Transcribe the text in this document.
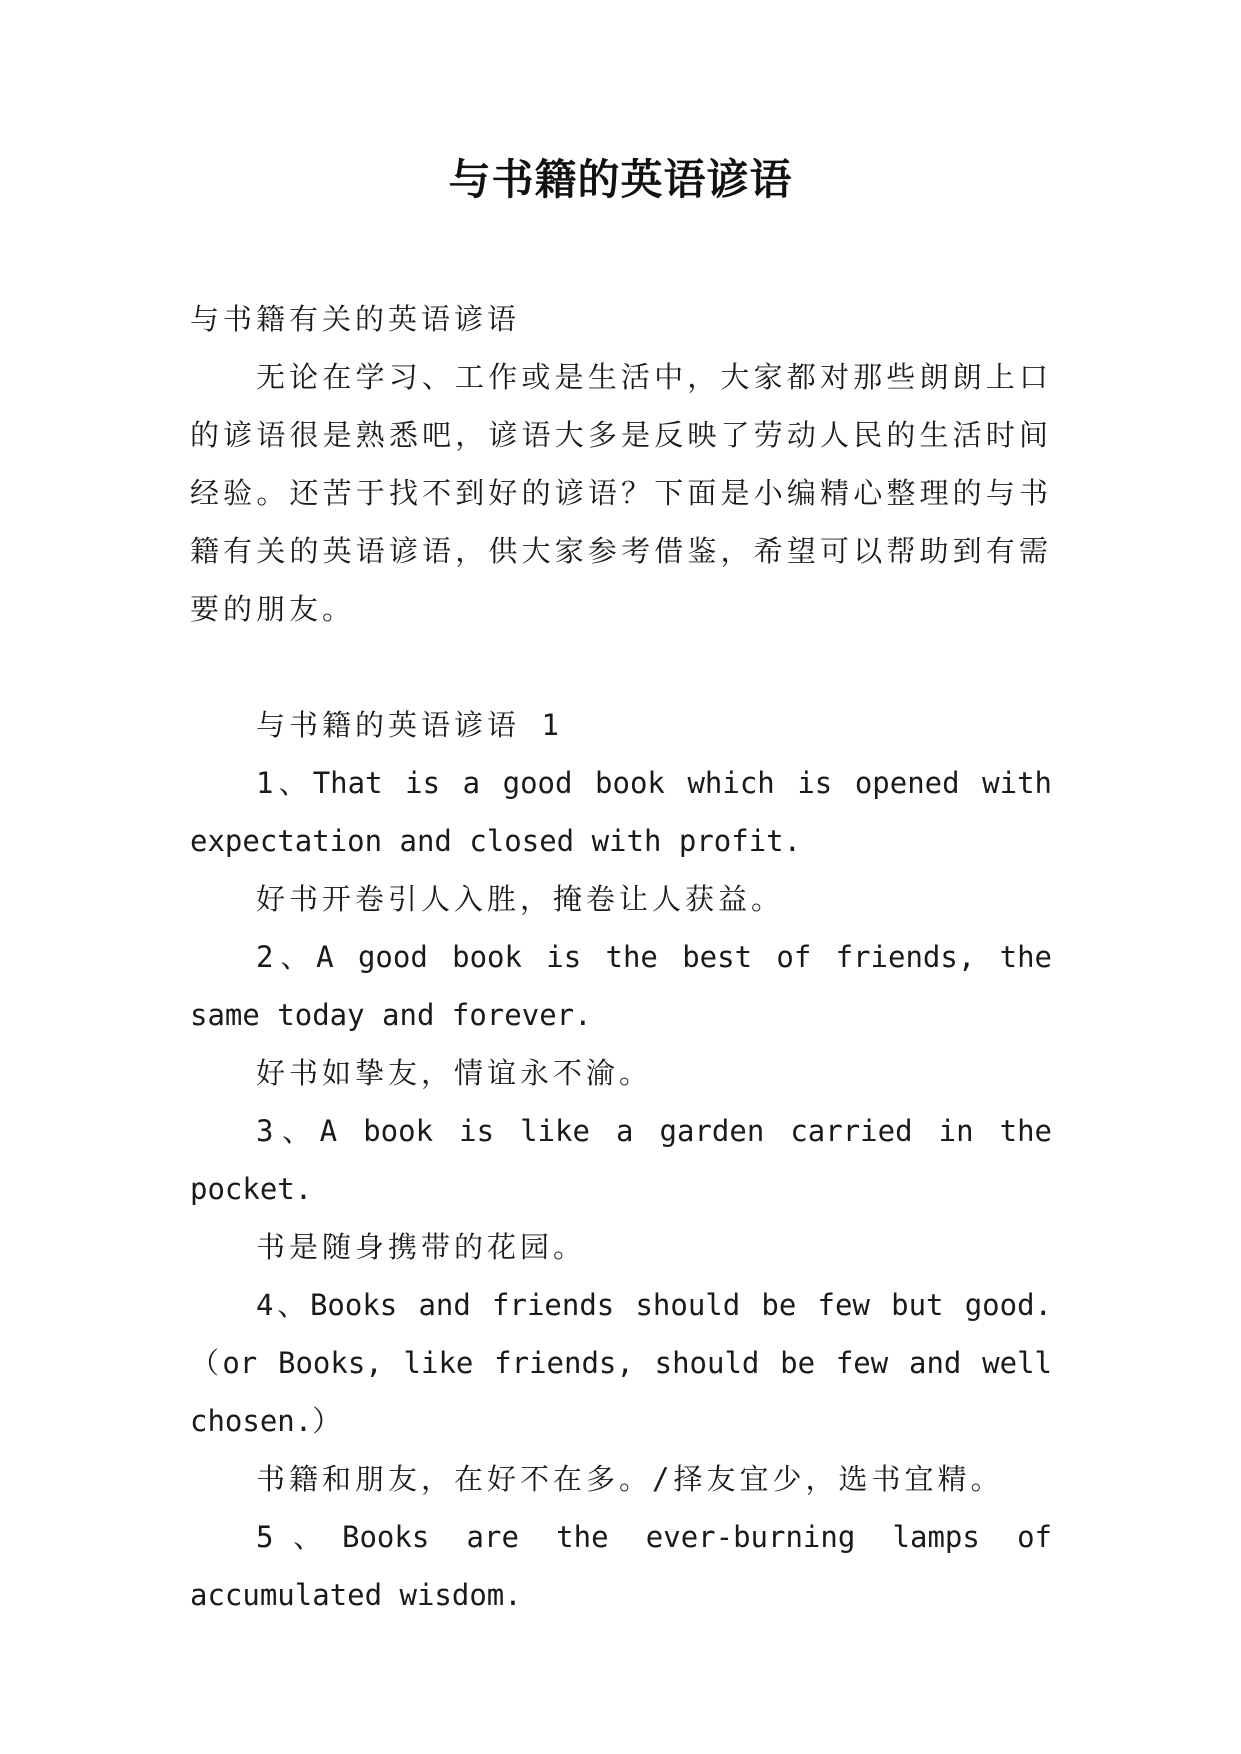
与书籍的英语谚语

与书籍有关的英语谚语

无论在学习、工作或是生活中，大家都对那些朗朗上口的谚语很是熟悉吧，谚语大多是反映了劳动人民的生活时间经验。还苦于找不到好的谚语？下面是小编精心整理的与书籍有关的英语谚语，供大家参考借鉴，希望可以帮助到有需要的朋友。

与书籍的英语谚语 1

1、That is a good book which is opened with expectation and closed with profit.

好书开卷引人入胜，掩卷让人获益。

2、A good book is the best of friends, the same today and forever.

好书如挚友，情谊永不渝。

3、A book is like a garden carried in the pocket.

书是随身携带的花园。

4、Books and friends should be few but good.（or Books, like friends, should be few and well chosen.）

书籍和朋友，在好不在多。/择友宜少，选书宜精。

5、Books are the ever-burning lamps of accumulated wisdom.
